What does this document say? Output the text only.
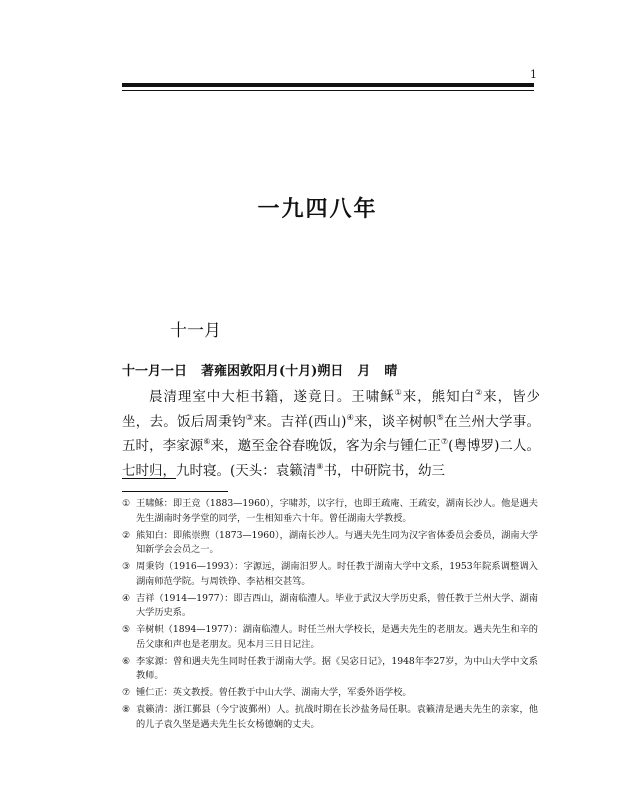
1
一九四八年
十一月
十一月一日 著雍困敦阳月(十月)朔日 月 晴

晨清理室中大柜书籍，遂竟日。王啸稣①来，熊知白②来，皆少坐，去。饭后周秉钧③来。吉祥(西山)④来，谈辛树帜⑤在兰州大学事。五时，李家源⑥来，邀至金谷春晚饭，客为余与锺仁正⑦(粤博罗)二人。七时归，九时寝。(天头：袁籁清⑧书，中研院书，幼三

① 王啸稣：即王竞（1883—1960），字啸苏，以字行，也即王疏庵、王疏安，湖南长沙人。他是遇夫先生湖南时务学堂的同学，一生相知垂六十年。曾任湖南大学教授。
② 熊知白：即熊崇煦（1873—1960），湖南长沙人。与遇夫先生同为汉字省体委员会委员，湖南大学知新学会会员之一。
③ 周秉钧（1916—1993）：字源远，湖南汨罗人。时任教于湖南大学中文系，1953年院系调整调入湖南师范学院。与周铁铮、李祜相交甚笃。
④ 吉祥（1914—1977）：即吉西山，湖南临澧人。毕业于武汉大学历史系，曾任教于兰州大学、湖南大学历史系。
⑤ 辛树帜（1894—1977）：湖南临澧人。时任兰州大学校长，是遇夫先生的老朋友。遇夫先生和辛的岳父康和声也是老朋友。见本月三日日记注。
⑥ 李家源：曾和遇夫先生同时任教于湖南大学。据《吴宓日记》，1948年李27岁，为中山大学中文系教师。
⑦ 锺仁正：英文教授。曾任教于中山大学、湖南大学，军委外语学校。
⑧ 袁籁清：浙江鄞县（今宁波鄞州）人。抗战时期在长沙盐务局任职。袁籁清是遇夫先生的亲家，他的儿子袁久坚是遇夫先生长女杨德娴的丈夫。
